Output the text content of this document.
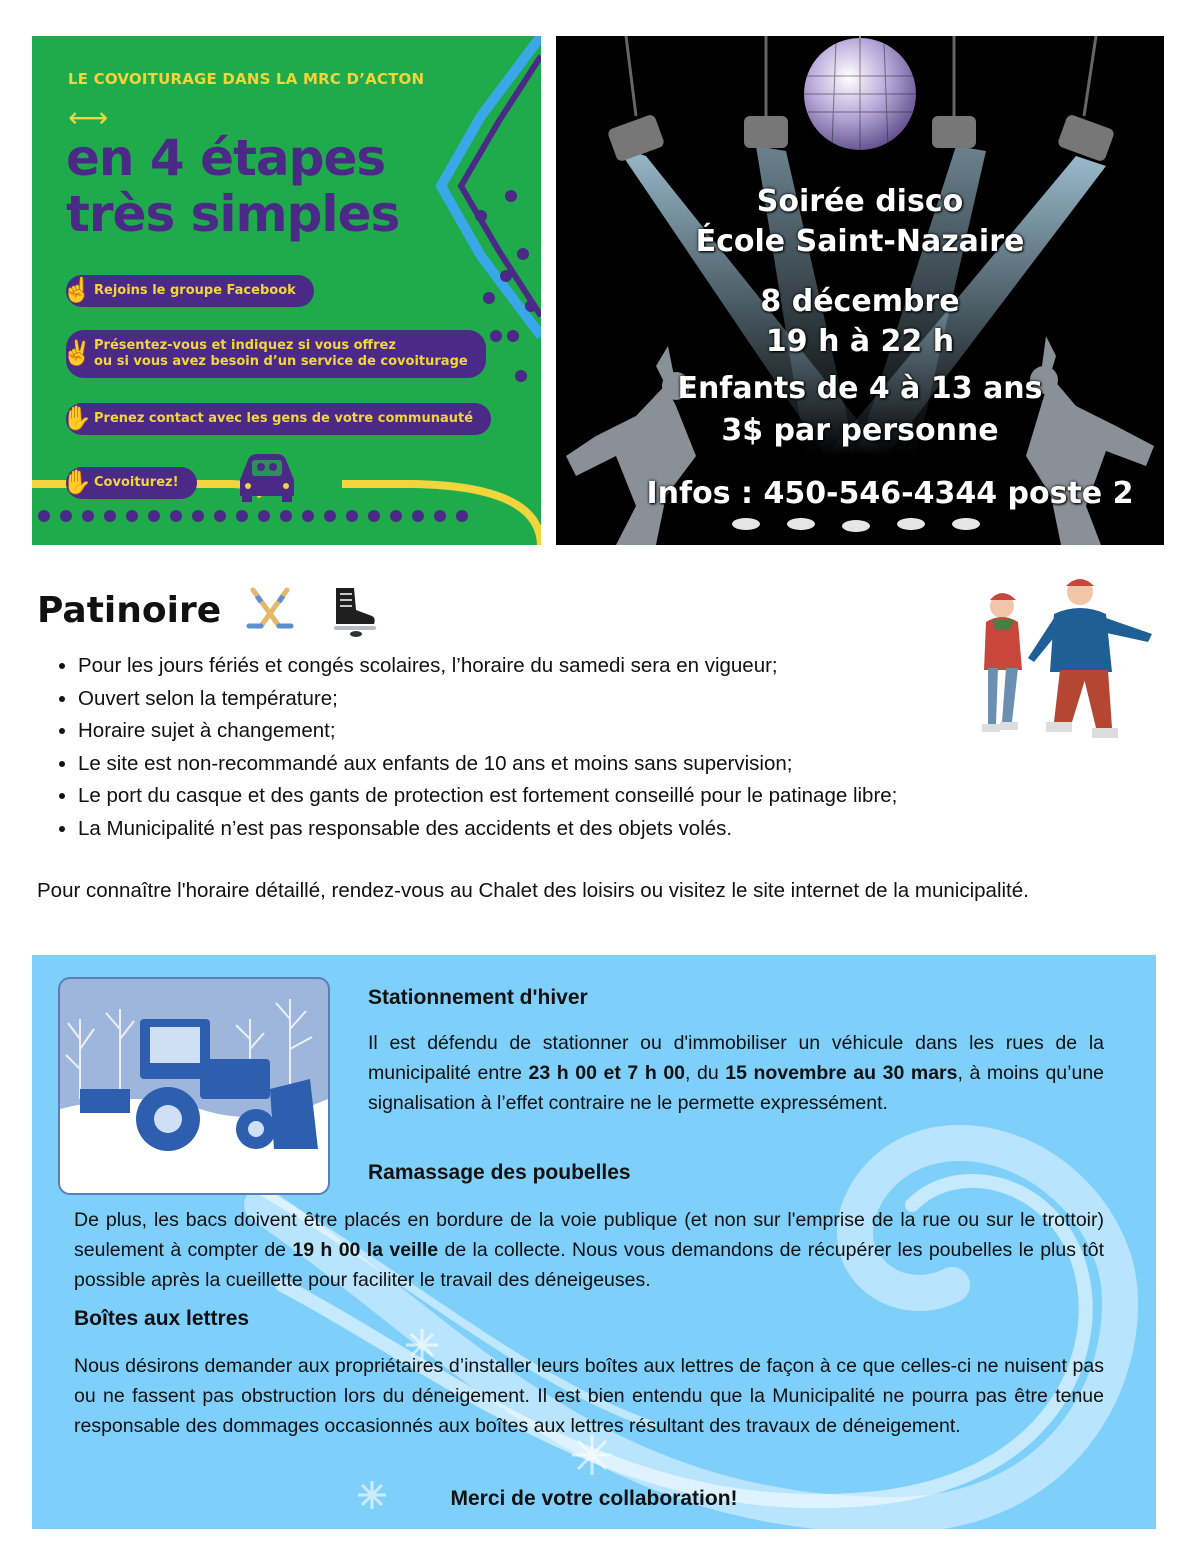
LE COVOITURAGE DANS LA MRC D’ACTON
⟷
en 4 étapes
très simples
☝ Rejoins le groupe Facebook
✌ Présentez-vous et indiquez si vous offrez
ou si vous avez besoin d’un service de covoiturage
✋ Prenez contact avec les gens de votre communauté
✋ Covoiturez!
Soirée disco
École Saint-Nazaire
8 décembre
19 h à 22 h
Enfants de 4 à 13 ans
3$ par personne
Infos : 450-546-4344 poste 2
Patinoire
• Pour les jours fériés et congés scolaires, l’horaire du samedi sera en vigueur;
• Ouvert selon la température;
• Horaire sujet à changement;
• Le site est non-recommandé aux enfants de 10 ans et moins sans supervision;
• Le port du casque et des gants de protection est fortement conseillé pour le patinage libre;
• La Municipalité n’est pas responsable des accidents et des objets volés.
Pour connaître l'horaire détaillé, rendez-vous au Chalet des loisirs ou visitez le site internet de la municipalité.
Stationnement d'hiver
Il est défendu de stationner ou d'immobiliser un véhicule dans les rues de la municipalité entre 23 h 00 et 7 h 00, du 15 novembre au 30 mars, à moins qu’une signalisation à l’effet contraire ne le permette expressément.
Ramassage des poubelles
De plus, les bacs doivent être placés en bordure de la voie publique (et non sur l'emprise de la rue ou sur le trottoir) seulement à compter de 19 h 00 la veille de la collecte. Nous vous demandons de récupérer les poubelles le plus tôt possible après la cueillette pour faciliter le travail des déneigeuses.
Boîtes aux lettres
Nous désirons demander aux propriétaires d’installer leurs boîtes aux lettres de façon à ce que celles-ci ne nuisent pas ou ne fassent pas obstruction lors du déneigement. Il est bien entendu que la Municipalité ne pourra pas être tenue responsable des dommages occasionnés aux boîtes aux lettres résultant des travaux de déneigement.
Merci de votre collaboration!
